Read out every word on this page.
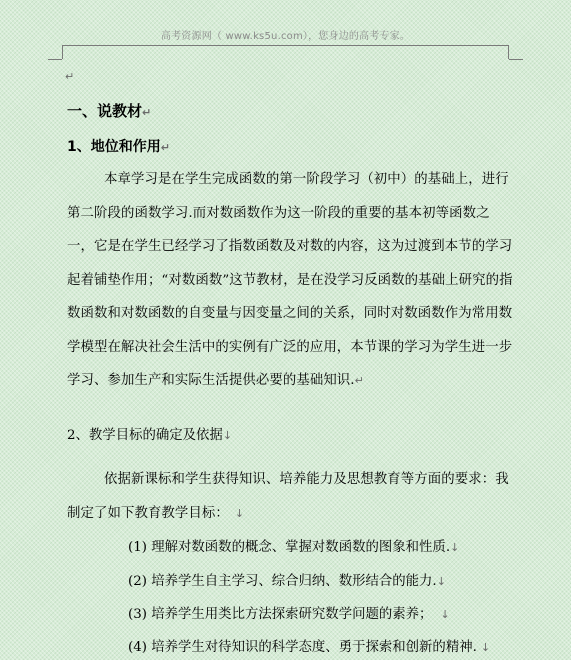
高考资源网（ www.ks5u.com），您身边的高考专家。
↵
一、说教材↵
1、地位和作用↵
本章学习是在学生完成函数的第一阶段学习（初中）的基础上，进行第二阶段的函数学习.而对数函数作为这一阶段的重要的基本初等函数之一，它是在学生已经学习了指数函数及对数的内容，这为过渡到本节的学习起着铺垫作用；“对数函数”这节教材，是在没学习反函数的基础上研究的指数函数和对数函数的自变量与因变量之间的关系，同时对数函数作为常用数学模型在解决社会生活中的实例有广泛的应用，本节课的学习为学生进一步学习、参加生产和实际生活提供必要的基础知识.↵
2、教学目标的确定及依据↓
依据新课标和学生获得知识、培养能力及思想教育等方面的要求：我制定了如下教育教学目标： ↓
(1) 理解对数函数的概念、掌握对数函数的图象和性质.↓
(2) 培养学生自主学习、综合归纳、数形结合的能力.↓
(3) 培养学生用类比方法探索研究数学问题的素养； ↓
(4) 培养学生对待知识的科学态度、勇于探索和创新的精神. ↓
